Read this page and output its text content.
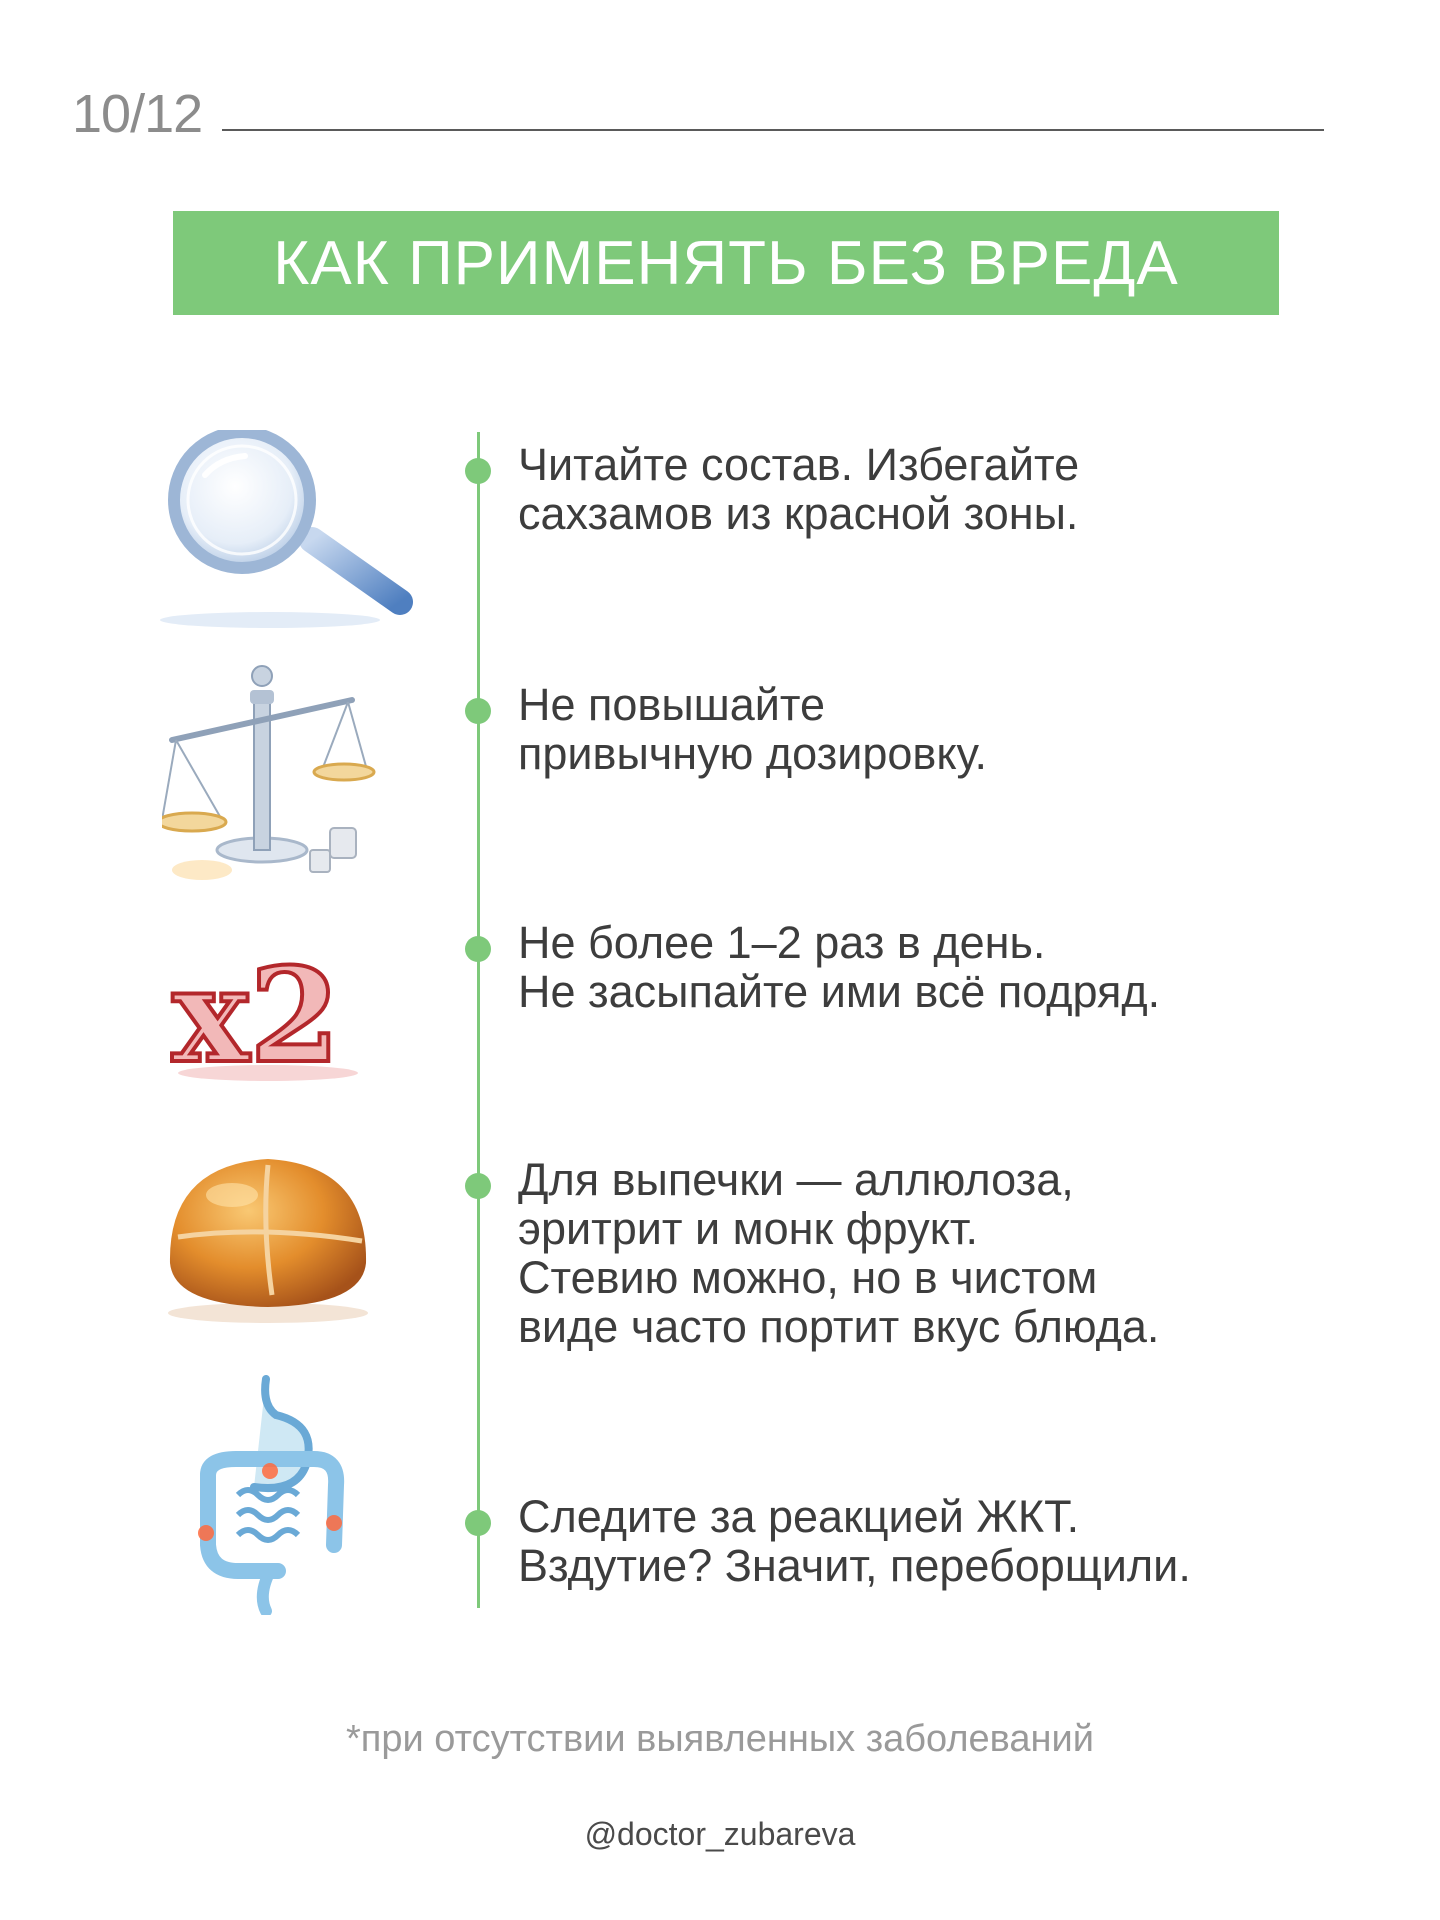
10/12
КАК ПРИМЕНЯТЬ БЕЗ ВРЕДА
Читайте состав. Избегайте
сахзамов из красной зоны.
Не повышайте
привычную дозировку.
x2	Не более 1–2 раз в день.
Не засыпайте ими всё подряд.
Для выпечки — аллюлоза,
эритрит и монк фрукт.
Стевию можно, но в чистом
виде часто портит вкус блюда.
Следите за реакцией ЖКТ.
Вздутие? Значит, переборщили.
*при отсутствии выявленных заболеваний
@doctor_zubareva
